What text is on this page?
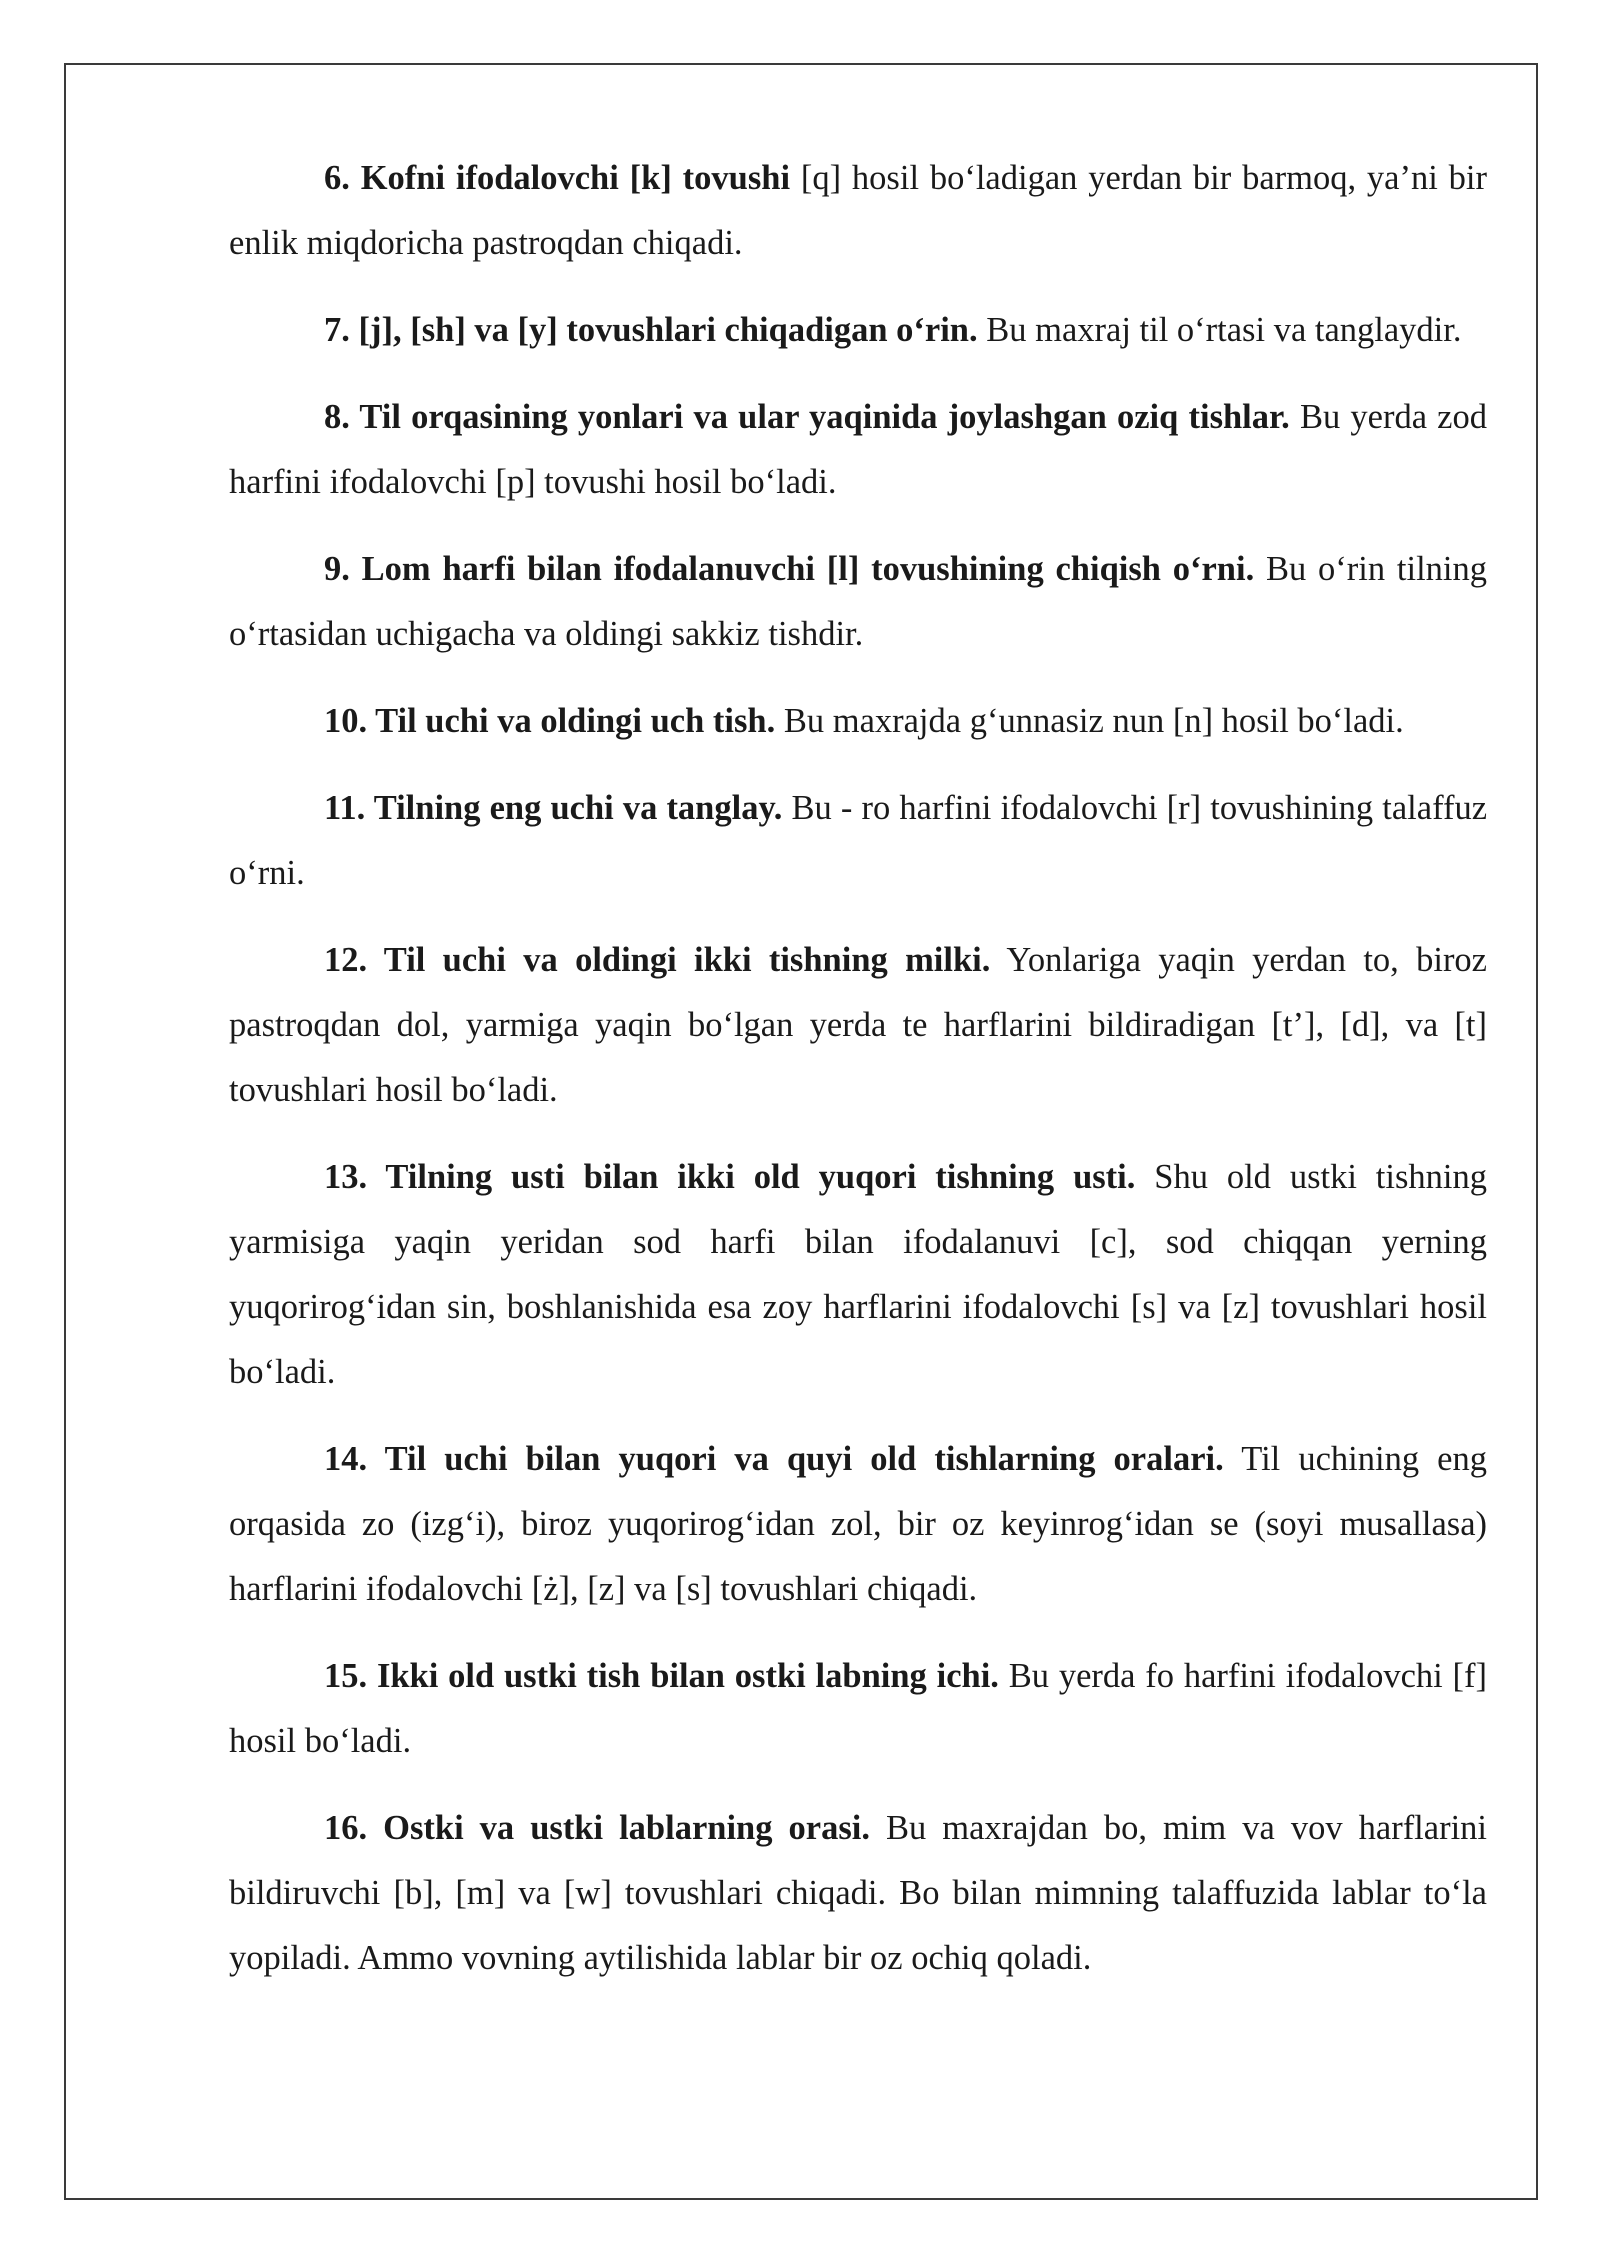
6. Kofni ifodalovchi [k] tovushi [q] hosil bo‘ladigan yerdan bir barmoq, ya’ni bir enlik miqdoricha pastroqdan chiqadi.

7. [j], [sh] va [y] tovushlari chiqadigan o‘rin. Bu maxraj til o‘rtasi va tanglaydir.

8. Til orqasining yonlari va ular yaqinida joylashgan oziq tishlar. Bu yerda zod harfini ifodalovchi [p] tovushi hosil bo‘ladi.

9. Lom harfi bilan ifodalanuvchi [l] tovushining chiqish o‘rni. Bu o‘rin tilning o‘rtasidan uchigacha va oldingi sakkiz tishdir.

10. Til uchi va oldingi uch tish. Bu maxrajda g‘unnasiz nun [n] hosil bo‘ladi.

11. Tilning eng uchi va tanglay. Bu - ro harfini ifodalovchi [r] tovushining talaffuz o‘rni.

12. Til uchi va oldingi ikki tishning milki. Yonlariga yaqin yerdan to, biroz pastroqdan dol, yarmiga yaqin bo‘lgan yerda te harflarini bildiradigan [t’], [d], va [t] tovushlari hosil bo‘ladi.

13. Tilning usti bilan ikki old yuqori tishning usti. Shu old ustki tishning yarmisiga yaqin yeridan sod harfi bilan ifodalanuvi [c], sod chiqqan yerning yuqorirog‘idan sin, boshlanishida esa zoy harflarini ifodalovchi [s] va [z] tovushlari hosil bo‘ladi.

14. Til uchi bilan yuqori va quyi old tishlarning oralari. Til uchining eng orqasida zo (izg‘i), biroz yuqorirog‘idan zol, bir oz keyinrog‘idan se (soyi musallasa) harflarini ifodalovchi [ż], [z] va [s] tovushlari chiqadi.

15. Ikki old ustki tish bilan ostki labning ichi. Bu yerda fo harfini ifodalovchi [f] hosil bo‘ladi.

16. Ostki va ustki lablarning orasi. Bu maxrajdan bo, mim va vov harflarini bildiruvchi [b], [m] va [w] tovushlari chiqadi. Bo bilan mimning talaffuzida lablar to‘la yopiladi. Ammo vovning aytilishida lablar bir oz ochiq qoladi.
